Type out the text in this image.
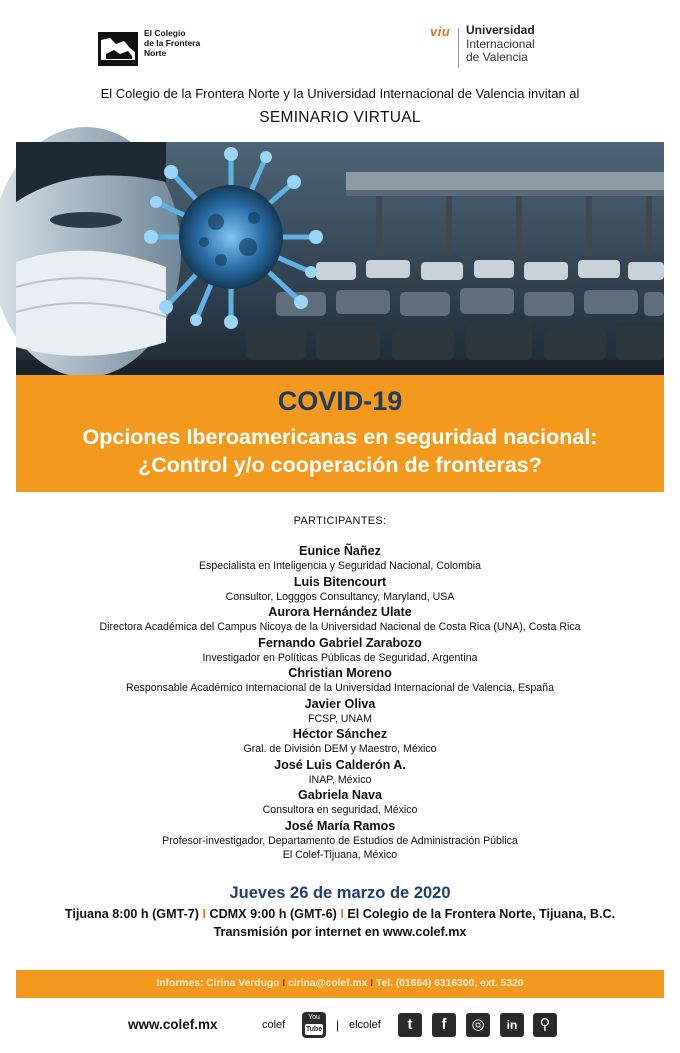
El Colegio
de la Frontera
Norte
viu Universidad
Internacional
de Valencia
El Colegio de la Frontera Norte y la Universidad Internacional de Valencia invitan al
SEMINARIO VIRTUAL
COVID-19
Opciones Iberoamericanas en seguridad nacional:
¿Control y/o cooperación de fronteras?
PARTICIPANTES:
Eunice Ñañez
Especialista en Inteligencia y Seguridad Nacional, Colombia
Luis Bitencourt
Consultor, Logggos Consultancy, Maryland, USA
Aurora Hernández Ulate
Directora Académica del Campus Nicoya de la Universidad Nacional de Costa Rica (UNA), Costa Rica
Fernando Gabriel Zarabozo
Investigador en Políticas Públicas de Seguridad, Argentina
Christian Moreno
Responsable Académico Internacional de la Universidad Internacional de Valencia, España
Javier Oliva
FCSP, UNAM
Héctor Sánchez
Gral. de División DEM y Maestro, México
José Luis Calderón A.
INAP, México
Gabriela Nava
Consultora en seguridad, México
José María Ramos
Profesor-investigador, Departamento de Estudios de Administración Pública
El Colef-Tijuana, México
Jueves 26 de marzo de 2020
Tijuana 8:00 h (GMT-7) I CDMX 9:00 h (GMT-6) I El Colegio de la Frontera Norte, Tijuana, B.C.
Transmisión por internet en www.colef.mx
Informes: Cirina Verdugo I cirina@colef.mx I Tel. (01664) 6316300, ext. 5320
www.colef.mx	colef
You
Tube | elcolef	t	f	◎	in	⚲
